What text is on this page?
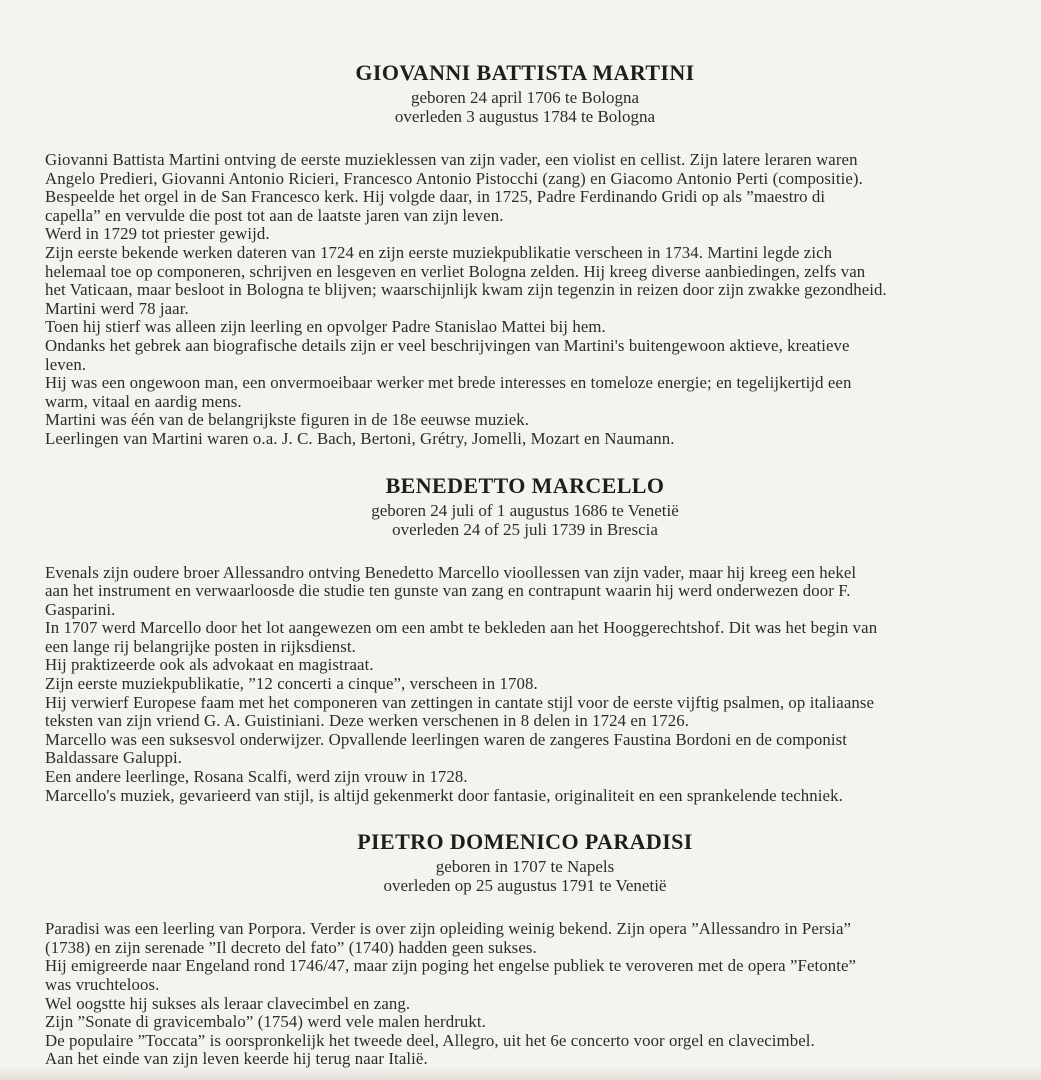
GIOVANNI BATTISTA MARTINI
geboren 24 april 1706 te Bologna
overleden 3 augustus 1784 te Bologna
Giovanni Battista Martini ontving de eerste muzieklessen van zijn vader, een violist en cellist. Zijn latere leraren waren
Angelo Predieri, Giovanni Antonio Ricieri, Francesco Antonio Pistocchi (zang) en Giacomo Antonio Perti (compositie).
Bespeelde het orgel in de San Francesco kerk. Hij volgde daar, in 1725, Padre Ferdinando Gridi op als ”maestro di
capella” en vervulde die post tot aan de laatste jaren van zijn leven.
Werd in 1729 tot priester gewijd.
Zijn eerste bekende werken dateren van 1724 en zijn eerste muziekpublikatie verscheen in 1734. Martini legde zich
helemaal toe op componeren, schrijven en lesgeven en verliet Bologna zelden. Hij kreeg diverse aanbiedingen, zelfs van
het Vaticaan, maar besloot in Bologna te blijven; waarschijnlijk kwam zijn tegenzin in reizen door zijn zwakke gezondheid.
Martini werd 78 jaar.
Toen hij stierf was alleen zijn leerling en opvolger Padre Stanislao Mattei bij hem.
Ondanks het gebrek aan biografische details zijn er veel beschrijvingen van Martini's buitengewoon aktieve, kreatieve
leven.
Hij was een ongewoon man, een onvermoeibaar werker met brede interesses en tomeloze energie; en tegelijkertijd een
warm, vitaal en aardig mens.
Martini was één van de belangrijkste figuren in de 18e eeuwse muziek.
Leerlingen van Martini waren o.a. J. C. Bach, Bertoni, Grétry, Jomelli, Mozart en Naumann.
BENEDETTO MARCELLO
geboren 24 juli of 1 augustus 1686 te Venetië
overleden 24 of 25 juli 1739 in Brescia
Evenals zijn oudere broer Allessandro ontving Benedetto Marcello vioollessen van zijn vader, maar hij kreeg een hekel
aan het instrument en verwaarloosde die studie ten gunste van zang en contrapunt waarin hij werd onderwezen door F.
Gasparini.
In 1707 werd Marcello door het lot aangewezen om een ambt te bekleden aan het Hooggerechtshof. Dit was het begin van
een lange rij belangrijke posten in rijksdienst.
Hij praktizeerde ook als advokaat en magistraat.
Zijn eerste muziekpublikatie, ”12 concerti a cinque”, verscheen in 1708.
Hij verwierf Europese faam met het componeren van zettingen in cantate stijl voor de eerste vijftig psalmen, op italiaanse
teksten van zijn vriend G. A. Guistiniani. Deze werken verschenen in 8 delen in 1724 en 1726.
Marcello was een suksesvol onderwijzer. Opvallende leerlingen waren de zangeres Faustina Bordoni en de componist
Baldassare Galuppi.
Een andere leerlinge, Rosana Scalfi, werd zijn vrouw in 1728.
Marcello's muziek, gevarieerd van stijl, is altijd gekenmerkt door fantasie, originaliteit en een sprankelende techniek.
PIETRO DOMENICO PARADISI
geboren in 1707 te Napels
overleden op 25 augustus 1791 te Venetië
Paradisi was een leerling van Porpora. Verder is over zijn opleiding weinig bekend. Zijn opera ”Allessandro in Persia”
(1738) en zijn serenade ”Il decreto del fato” (1740) hadden geen sukses.
Hij emigreerde naar Engeland rond 1746/47, maar zijn poging het engelse publiek te veroveren met de opera ”Fetonte”
was vruchteloos.
Wel oogstte hij sukses als leraar clavecimbel en zang.
Zijn ”Sonate di gravicembalo” (1754) werd vele malen herdrukt.
De populaire ”Toccata” is oorspronkelijk het tweede deel, Allegro, uit het 6e concerto voor orgel en clavecimbel.
Aan het einde van zijn leven keerde hij terug naar Italië.
